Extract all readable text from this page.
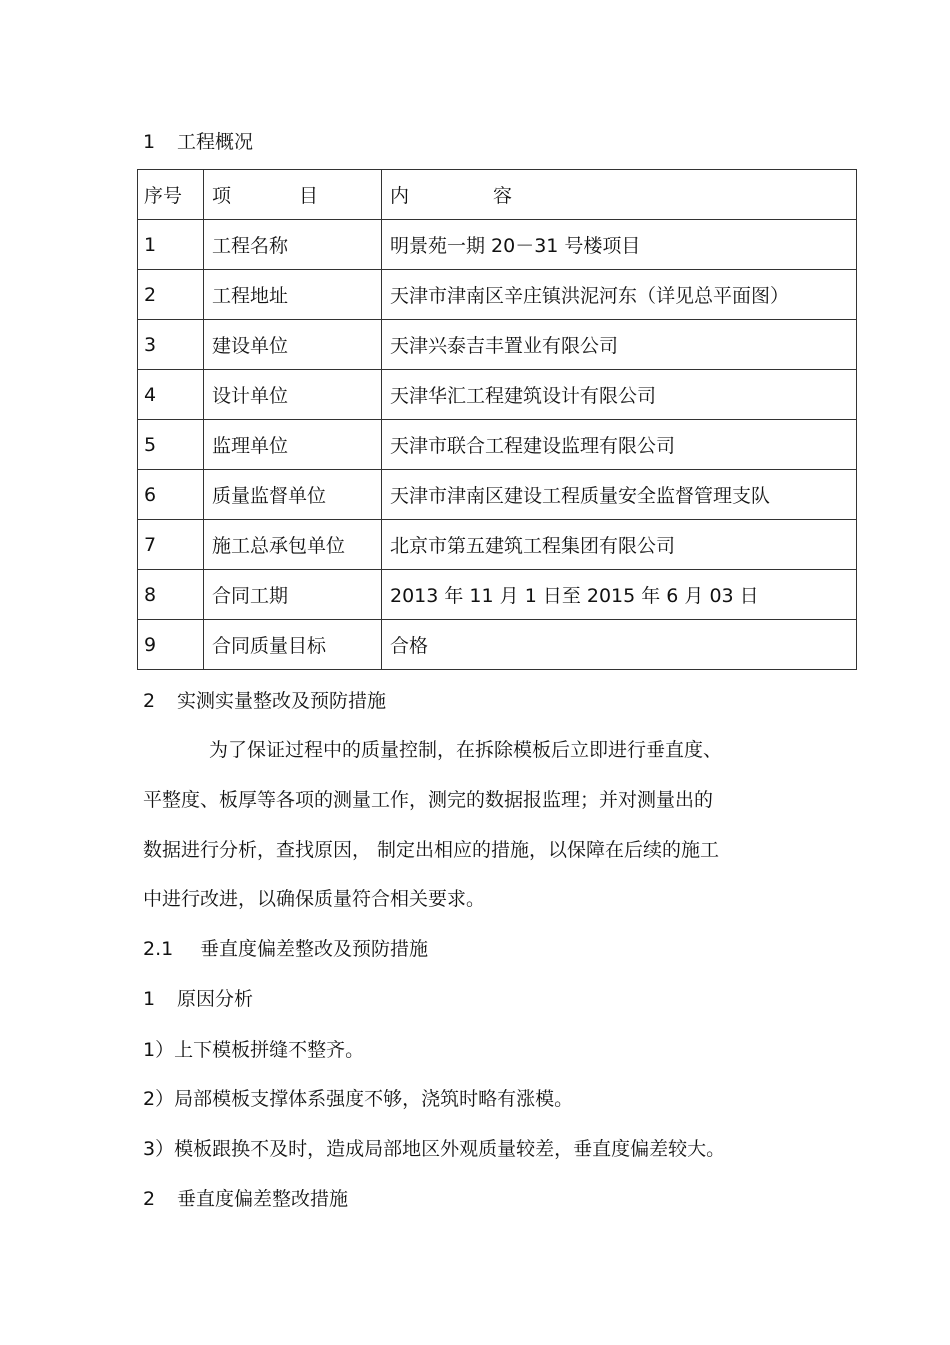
1 工程概况
序号	项 目	内 容
1	工程名称	明景苑一期 20－31 号楼项目
2	工程地址	天津市津南区辛庄镇洪泥河东（详见总平面图）
3	建设单位	天津兴泰吉丰置业有限公司
4	设计单位	天津华汇工程建筑设计有限公司
5	监理单位	天津市联合工程建设监理有限公司
6	质量监督单位	天津市津南区建设工程质量安全监督管理支队
7	施工总承包单位	北京市第五建筑工程集团有限公司
8	合同工期	2013 年 11 月 1 日至 2015 年 6 月 03 日
9	合同质量目标	合格
2 实测实量整改及预防措施
为了保证过程中的质量控制，在拆除模板后立即进行垂直度、
平整度、板厚等各项的测量工作，测完的数据报监理；并对测量出的
数据进行分析，查找原因， 制定出相应的措施，以保障在后续的施工
中进行改进，以确保质量符合相关要求。
2.1 垂直度偏差整改及预防措施
1 原因分析
1）上下模板拼缝不整齐。
2）局部模板支撑体系强度不够，浇筑时略有涨模。
3）模板跟换不及时，造成局部地区外观质量较差，垂直度偏差较大。
2 垂直度偏差整改措施
